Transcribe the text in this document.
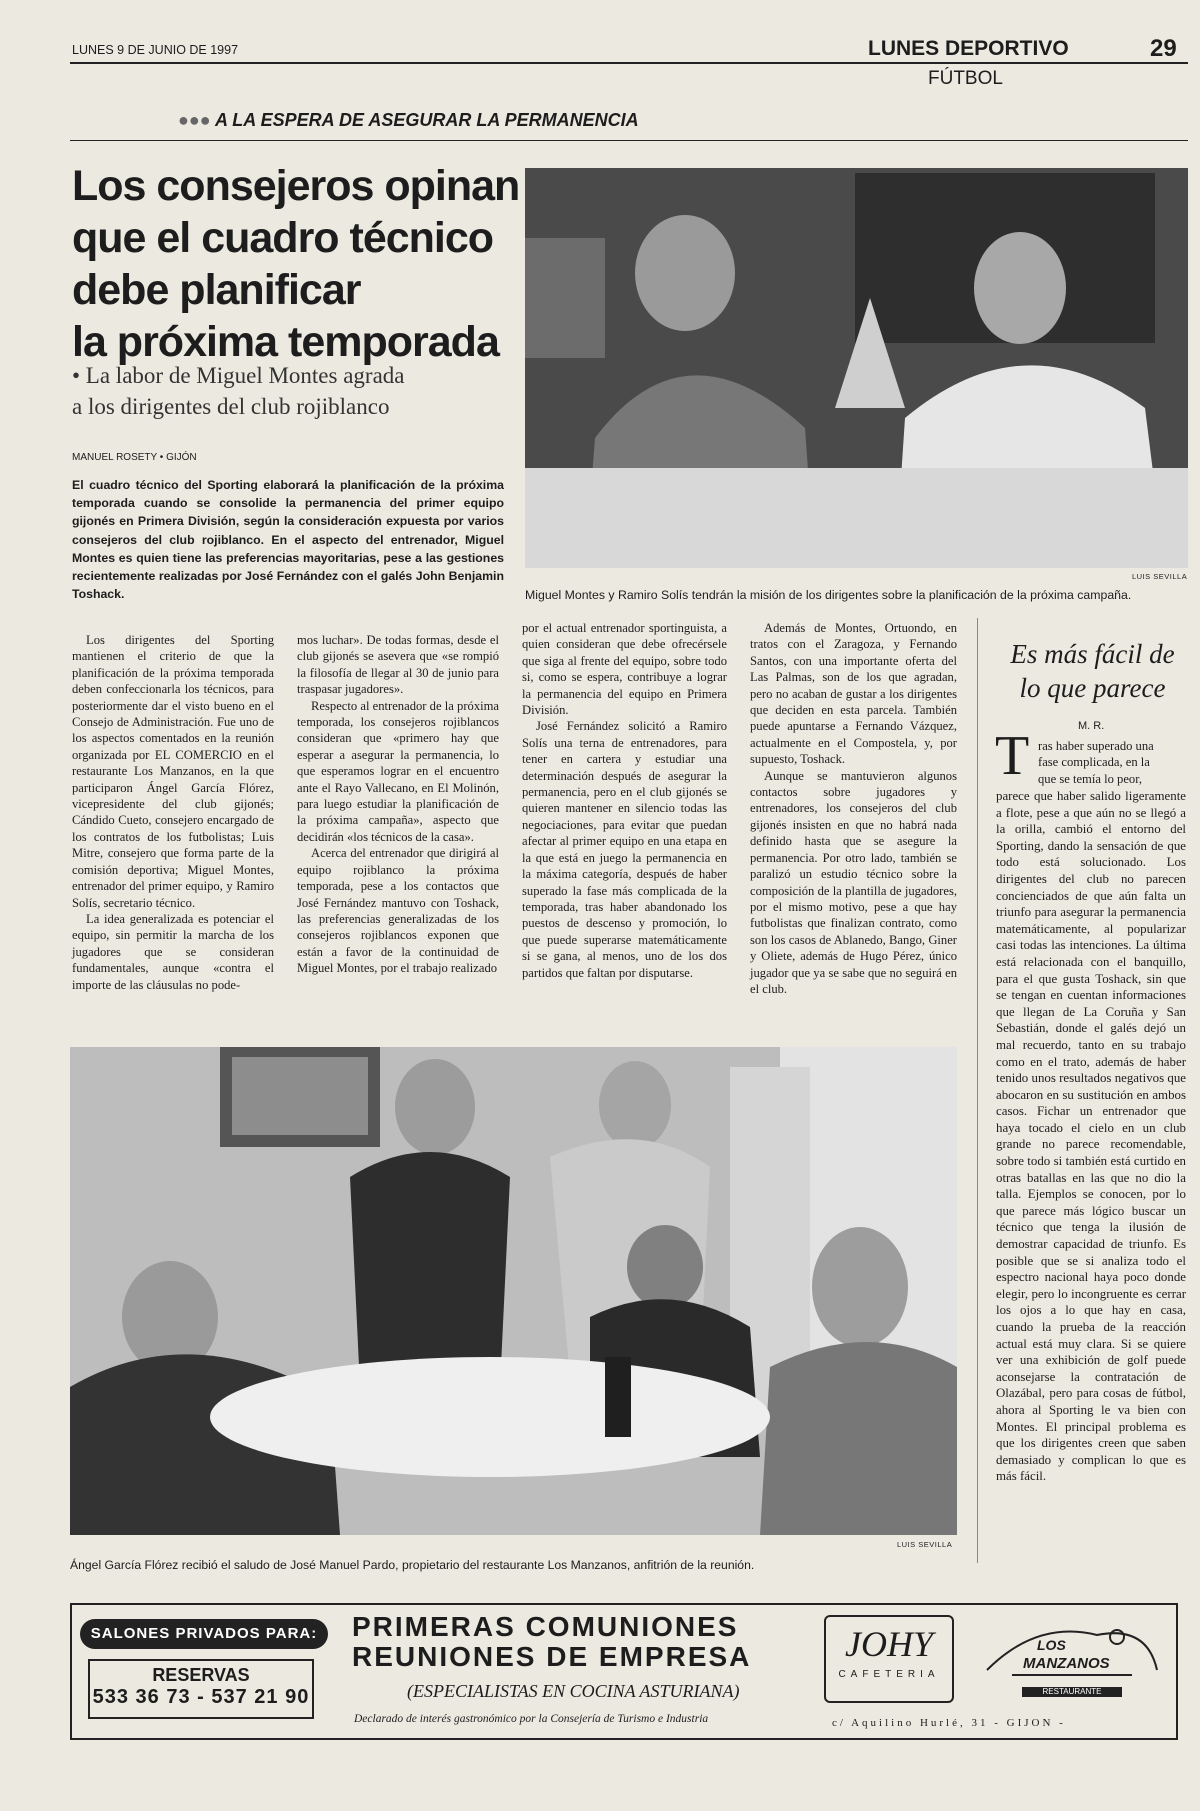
LUNES 9 DE JUNIO DE 1997	LUNES DEPORTIVO	29
FÚTBOL
●●● A LA ESPERA DE ASEGURAR LA PERMANENCIA
Los consejeros opinan
que el cuadro técnico
debe planificar
la próxima temporada
• La labor de Miguel Montes agrada
a los dirigentes del club rojiblanco
MANUEL ROSETY • GIJÓN
El cuadro técnico del Sporting elaborará la planificación de la próxima temporada cuando se consolide la permanencia del primer equipo gijonés en Primera División, según la consideración expuesta por varios consejeros del club rojiblanco. En el aspecto del entrenador, Miguel Montes es quien tiene las preferencias mayoritarias, pese a las gestiones recientemente realizadas por José Fernández con el galés John Benjamin Toshack.
LUIS SEVILLA
Miguel Montes y Ramiro Solís tendrán la misión de los dirigentes sobre la planificación de la próxima campaña.

Los dirigentes del Sporting mantienen el criterio de que la planificación de la próxima temporada deben confeccionarla los técnicos, para posteriormente dar el visto bueno en el Consejo de Administración. Fue uno de los aspectos comentados en la reunión organizada por EL COMERCIO en el restaurante Los Manzanos, en la que participaron Ángel García Flórez, vicepresidente del club gijonés; Cándido Cueto, consejero encargado de los contratos de los futbolistas; Luis Mitre, consejero que forma parte de la comisión deportiva; Miguel Montes, entrenador del primer equipo, y Ramiro Solís, secretario técnico.

La idea generalizada es potenciar el equipo, sin permitir la marcha de los jugadores que se consideran fundamentales, aunque «contra el importe de las cláusulas no pode-

mos luchar». De todas formas, desde el club gijonés se asevera que «se rompió la filosofía de llegar al 30 de junio para traspasar jugadores».

Respecto al entrenador de la próxima temporada, los consejeros rojiblancos consideran que «primero hay que esperar a asegurar la permanencia, lo que esperamos lograr en el encuentro ante el Rayo Vallecano, en El Molinón, para luego estudiar la planificación de la próxima campaña», aspecto que decidirán «los técnicos de la casa».

Acerca del entrenador que dirigirá al equipo rojiblanco la próxima temporada, pese a los contactos que José Fernández mantuvo con Toshack, las preferencias generalizadas de los consejeros rojiblancos exponen que están a favor de la continuidad de Miguel Montes, por el trabajo realizado

por el actual entrenador sportinguista, a quien consideran que debe ofrecérsele que siga al frente del equipo, sobre todo si, como se espera, contribuye a lograr la permanencia del equipo en Primera División.

José Fernández solicitó a Ramiro Solís una terna de entrenadores, para tener en cartera y estudiar una determinación después de asegurar la permanencia, pero en el club gijonés se quieren mantener en silencio todas las negociaciones, para evitar que puedan afectar al primer equipo en una etapa en la que está en juego la permanencia en la máxima categoría, después de haber superado la fase más complicada de la temporada, tras haber abandonado los puestos de descenso y promoción, lo que puede superarse matemáticamente si se gana, al menos, uno de los dos partidos que faltan por disputarse.

Además de Montes, Ortuondo, en tratos con el Zaragoza, y Fernando Santos, con una importante oferta del Las Palmas, son de los que agradan, pero no acaban de gustar a los dirigentes que deciden en esta parcela. También puede apuntarse a Fernando Vázquez, actualmente en el Compostela, y, por supuesto, Toshack.

Aunque se mantuvieron algunos contactos sobre jugadores y entrenadores, los consejeros del club gijonés insisten en que no habrá nada definido hasta que se asegure la permanencia. Por otro lado, también se paralizó un estudio técnico sobre la composición de la plantilla de jugadores, por el mismo motivo, pese a que hay futbolistas que finalizan contrato, como son los casos de Ablanedo, Bango, Giner y Oliete, además de Hugo Pérez, único jugador que ya se sabe que no seguirá en el club.

Es más fácil de
lo que parece
M. R.
T ras haber superado una
fase complicada, en la
que se temía lo peor,
parece que haber salido ligeramente a flote, pese a que aún no se llegó a la orilla, cambió el entorno del Sporting, dando la sensación de que todo está solucionado. Los dirigentes del club no parecen concienciados de que aún falta un triunfo para asegurar la permanencia matemáticamente, al popularizar casi todas las intenciones. La última está relacionada con el banquillo, para el que gusta Toshack, sin que se tengan en cuentan informaciones que llegan de La Coruña y San Sebastián, donde el galés dejó un mal recuerdo, tanto en su trabajo como en el trato, además de haber tenido unos resultados negativos que abocaron en su sustitución en ambos casos. Fichar un entrenador que haya tocado el cielo en un club grande no parece recomendable, sobre todo si también está curtido en otras batallas en las que no dio la talla. Ejemplos se conocen, por lo que parece más lógico buscar un técnico que tenga la ilusión de demostrar capacidad de triunfo. Es posible que se si analiza todo el espectro nacional haya poco donde elegir, pero lo incongruente es cerrar los ojos a lo que hay en casa, cuando la prueba de la reacción actual está muy clara. Si se quiere ver una exhibición de golf puede aconsejarse la contratación de Olazábal, pero para cosas de fútbol, ahora al Sporting le va bien con Montes. El principal problema es que los dirigentes creen que saben demasiado y complican lo que es más fácil.
LUIS SEVILLA
Ángel García Flórez recibió el saludo de José Manuel Pardo, propietario del restaurante Los Manzanos, anfitrión de la reunión.
SALONES PRIVADOS PARA:
RESERVAS
533 36 73 - 537 21 90
PRIMERAS COMUNIONES
REUNIONES DE EMPRESA
(ESPECIALISTAS EN COCINA ASTURIANA)
Declarado de interés gastronómico por la Consejería de Turismo e Industria
JOHY
CAFETERIA
LOS
MANZANOS
RESTAURANTE
c/ Aquilino Hurlé, 31 - GIJON -
